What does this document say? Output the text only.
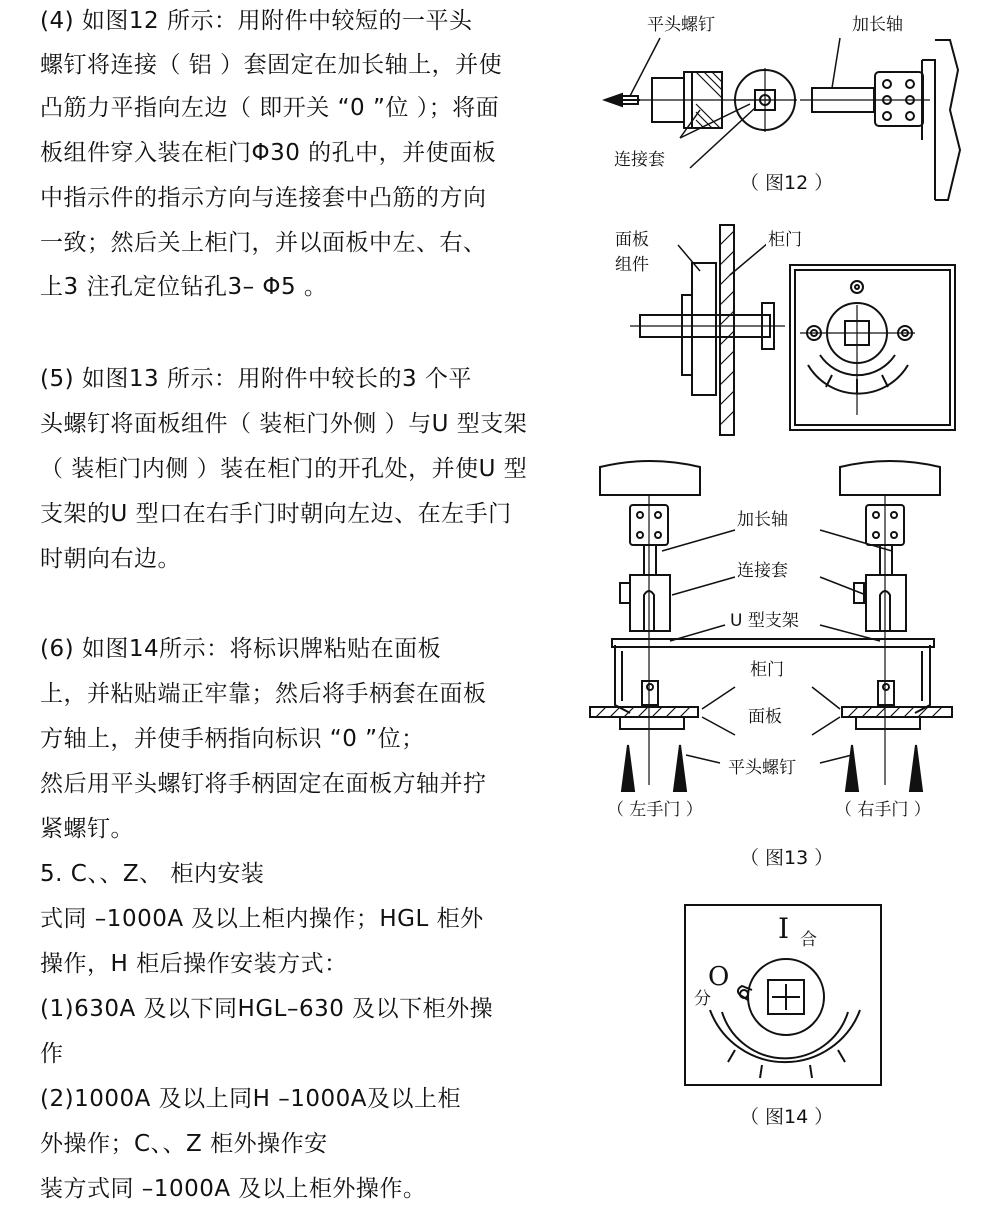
(4) 如图12 所示：用附件中较短的一平头
螺钉将连接（ 铝 ）套固定在加长轴上，并使
凸筋力平指向左边（ 即开关 “0 ”位 ）；将面
板组件穿入装在柜门Φ30 的孔中，并使面板
中指示件的指示方向与连接套中凸筋的方向
一致；然后关上柜门，并以面板中左、右、
上3 注孔定位钻孔3– Φ5 。
(5) 如图13 所示：用附件中较长的3 个平
头螺钉将面板组件（ 装柜门外侧 ）与U 型支架
（ 装柜门内侧 ）装在柜门的开孔处，并使U 型
支架的U 型口在右手门时朝向左边、在左手门
时朝向右边。
(6) 如图14所示：将标识牌粘贴在面板
上，并粘贴端正牢靠；然后将手柄套在面板
方轴上，并使手柄指向标识 “0 ”位；
然后用平头螺钉将手柄固定在面板方轴并拧
紧螺钉。
5. C、、Z、 柜内安装
式同 –1000A 及以上柜内操作；HGL 柜外
操作，H 柜后操作安装方式：
(1)630A 及以下同HGL–630 及以下柜外操
作
(2)1000A 及以上同H –1000A及以上柜
外操作；C、、Z 柜外操作安
装方式同 –1000A 及以上柜外操作。
平头螺钉	加长轴
连接套
（ 图12 ）
面板
组件
柜门
加长轴
连接套
U 型支架
柜门
面板
平头螺钉
（ 左手门 ）	（ 右手门 ）
（ 图13 ）
I 合
O
分
（ 图14 ）
